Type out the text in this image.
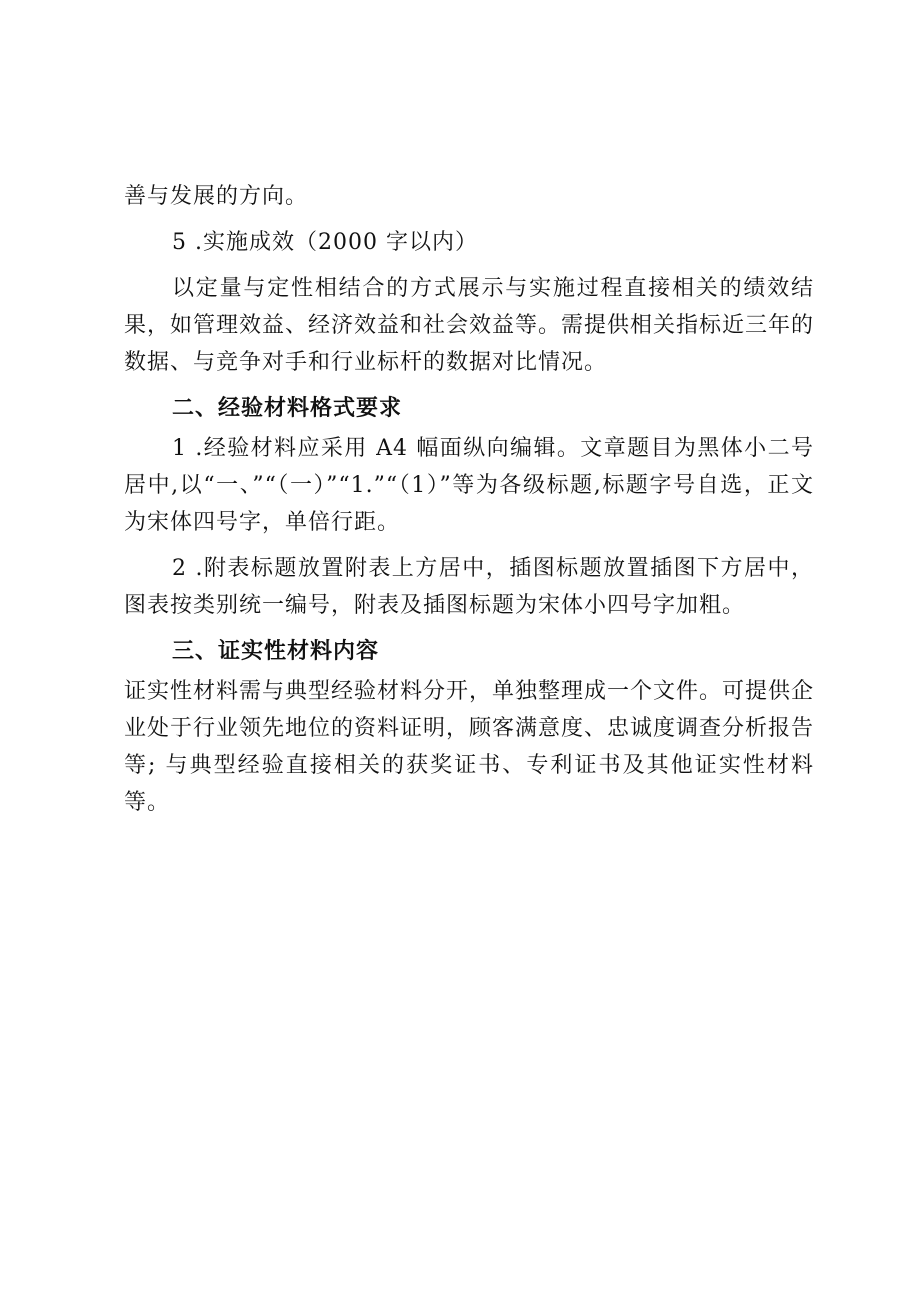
善与发展的方向。

5 .实施成效（2000 字以内）

以定量与定性相结合的方式展示与实施过程直接相关的绩效结果，如管理效益、经济效益和社会效益等。需提供相关指标近三年的数据、与竞争对手和行业标杆的数据对比情况。

二、经验材料格式要求

1 .经验材料应采用 A4 幅面纵向编辑。文章题目为黑体小二号居中,以“一、”“（一）”“1.”“（1）”等为各级标题,标题字号自选，正文为宋体四号字，单倍行距。

2 .附表标题放置附表上方居中，插图标题放置插图下方居中，图表按类别统一编号，附表及插图标题为宋体小四号字加粗。

三、证实性材料内容

证实性材料需与典型经验材料分开，单独整理成一个文件。可提供企业处于行业领先地位的资料证明，顾客满意度、忠诚度调查分析报告等; 与典型经验直接相关的获奖证书、专利证书及其他证实性材料等。
